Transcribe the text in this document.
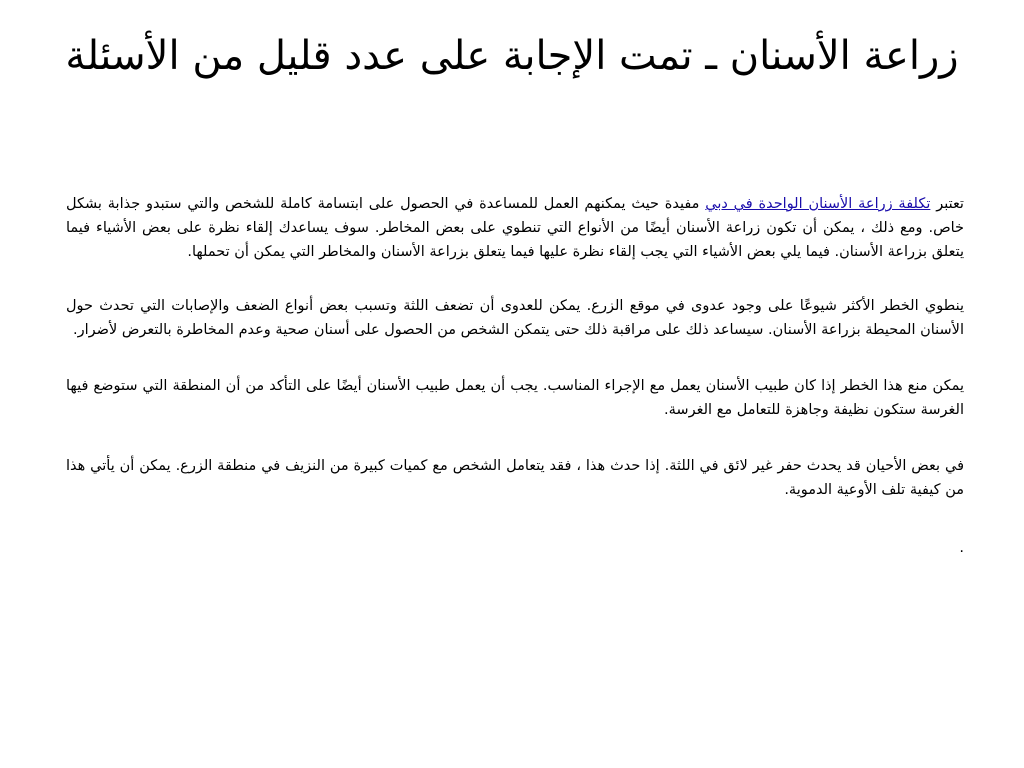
زراعة الأسنان ـ تمت الإجابة على عدد قليل من الأسئلة

تعتبر تكلفة زراعة الأسنان الواحدة في دبي مفيدة حيث يمكنهم العمل للمساعدة في الحصول على ابتسامة كاملة للشخص والتي ستبدو جذابة بشكل خاص. ومع ذلك ، يمكن أن تكون زراعة الأسنان أيضًا من الأنواع التي تنطوي على بعض المخاطر. سوف يساعدك إلقاء نظرة على بعض الأشياء فيما يتعلق بزراعة الأسنان. فيما يلي بعض الأشياء التي يجب إلقاء نظرة عليها فيما يتعلق بزراعة الأسنان والمخاطر التي يمكن أن تحملها.

ينطوي الخطر الأكثر شيوعًا على وجود عدوى في موقع الزرع. يمكن للعدوى أن تضعف اللثة وتسبب بعض أنواع الضعف والإصابات التي تحدث حول الأسنان المحيطة بزراعة الأسنان. سيساعد ذلك على مراقبة ذلك حتى يتمكن الشخص من الحصول على أسنان صحية وعدم المخاطرة بالتعرض لأضرار.

يمكن منع هذا الخطر إذا كان طبيب الأسنان يعمل مع الإجراء المناسب. يجب أن يعمل طبيب الأسنان أيضًا على التأكد من أن المنطقة التي ستوضع فيها الغرسة ستكون نظيفة وجاهزة للتعامل مع الغرسة.

في بعض الأحيان قد يحدث حفر غير لائق في اللثة. إذا حدث هذا ، فقد يتعامل الشخص مع كميات كبيرة من النزيف في منطقة الزرع. يمكن أن يأتي هذا من كيفية تلف الأوعية الدموية.

.
